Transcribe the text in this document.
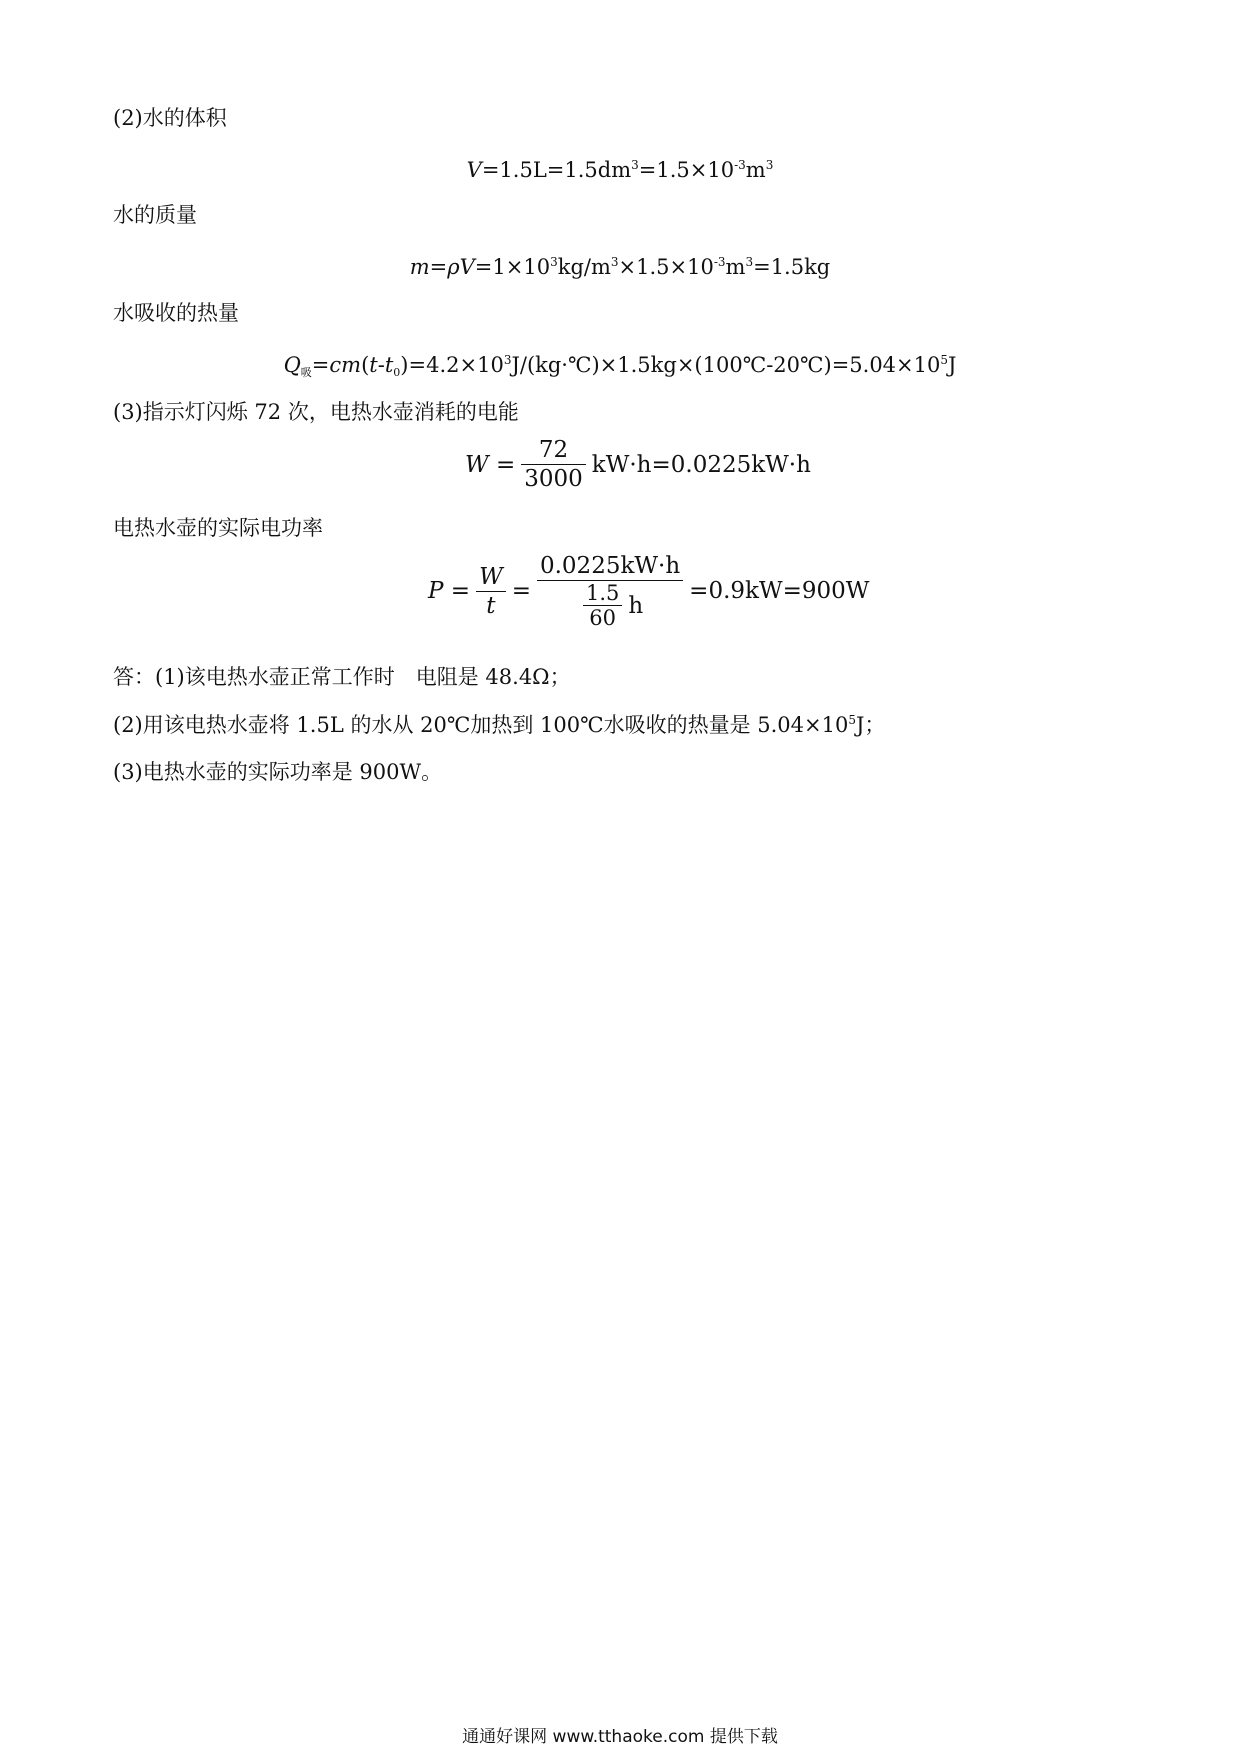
(2)水的体积
$V=1.5L=1.5dm^3=1.5\times 10^{-3}m^3$
水的质量
$m=\rho V=1\times 10^3kg/m^3\times 1.5\times 10^{-3}m^3=1.5kg$
水吸收的热量
$Q_吸=cm(t-t_0)=4.2\times 10^3J/(kg\cdot℃)\times 1.5kg\times(100℃-20℃)=5.04\times 10^5J$
(3)指示灯闪烁 72 次，电热水壶消耗的电能
$W = \frac{72}{3000} kW\cdot h=0.0225kW\cdot h$
电热水壶的实际电功率
$P = \frac{W}{t} = \frac{0.0225kW\cdot h}{\frac{1.5}{60} h} =0.9kW=900W$
答：(1)该电热水壶正常工作时　电阻是 48.4Ω；
(2)用该电热水壶将 1.5L 的水从 20℃加热到 100℃水吸收的热量是 $5.04\times 10^5J$；
(3)电热水壶的实际功率是 900W。
通通好课网 www.tthaoke.com 提供下载
